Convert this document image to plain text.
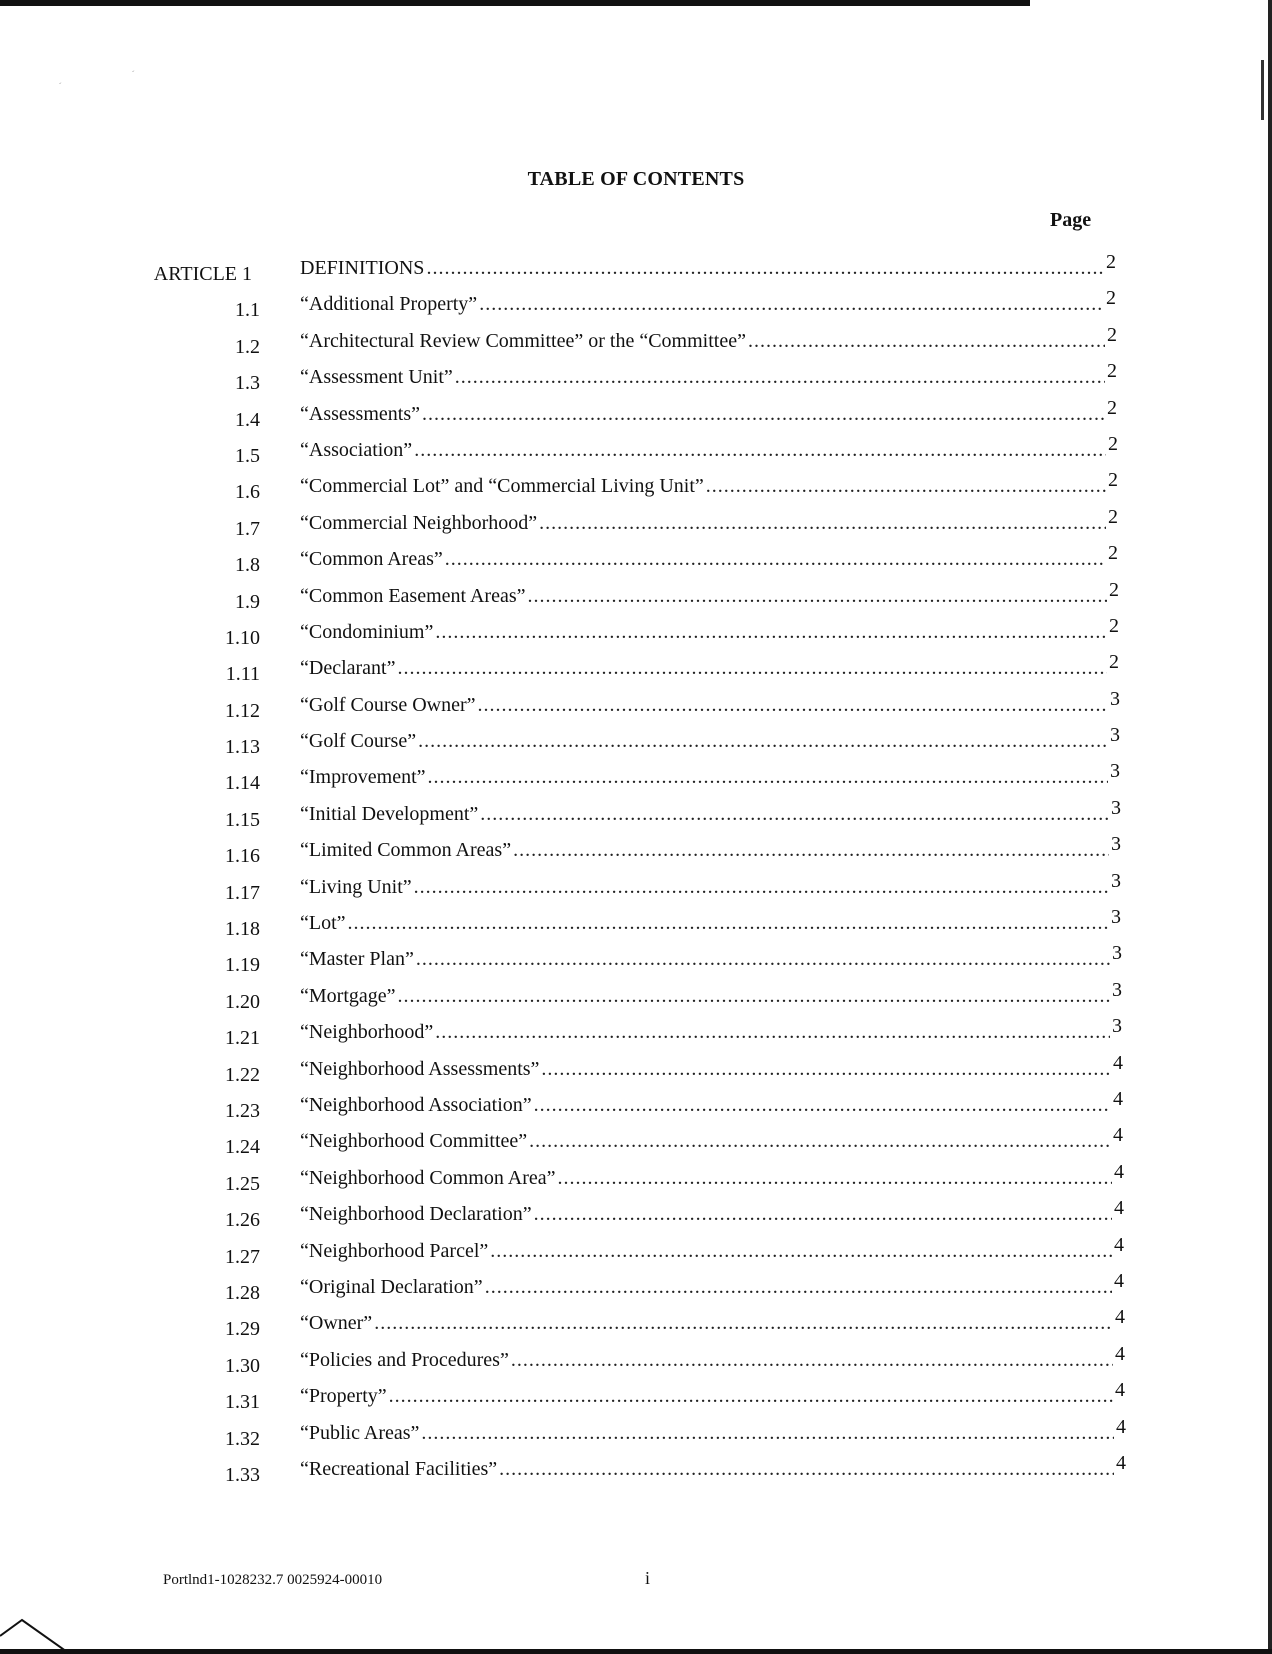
TABLE OF CONTENTS
Page
ARTICLE 1 DEFINITIONS .....	2
1.1 “Additional Property” .....	2
1.2 “Architectural Review Committee” or the “Committee” .....	2
1.3 “Assessment Unit” .....	2
1.4 “Assessments” .....	2
1.5 “Association” .....	2
1.6 “Commercial Lot” and “Commercial Living Unit” .....	2
1.7 “Commercial Neighborhood” .....	2
1.8 “Common Areas” .....	2
1.9 “Common Easement Areas” .....	2
1.10 “Condominium” .....	2
1.11 “Declarant” .....	2
1.12 “Golf Course Owner” .....	3
1.13 “Golf Course” .....	3
1.14 “Improvement” .....	3
1.15 “Initial Development” .....	3
1.16 “Limited Common Areas” .....	3
1.17 “Living Unit” .....	3
1.18 “Lot” .....	3
1.19 “Master Plan” .....	3
1.20 “Mortgage” .....	3
1.21 “Neighborhood” .....	3
1.22 “Neighborhood Assessments” .....	4
1.23 “Neighborhood Association” .....	4
1.24 “Neighborhood Committee” .....	4
1.25 “Neighborhood Common Area” .....	4
1.26 “Neighborhood Declaration” .....	4
1.27 “Neighborhood Parcel” .....	4
1.28 “Original Declaration” .....	4
1.29 “Owner” .....	4
1.30 “Policies and Procedures” .....	4
1.31 “Property” .....	4
1.32 “Public Areas” .....	4
1.33 “Recreational Facilities” .....	4
Portlnd1-1028232.7 0025924-00010	i
